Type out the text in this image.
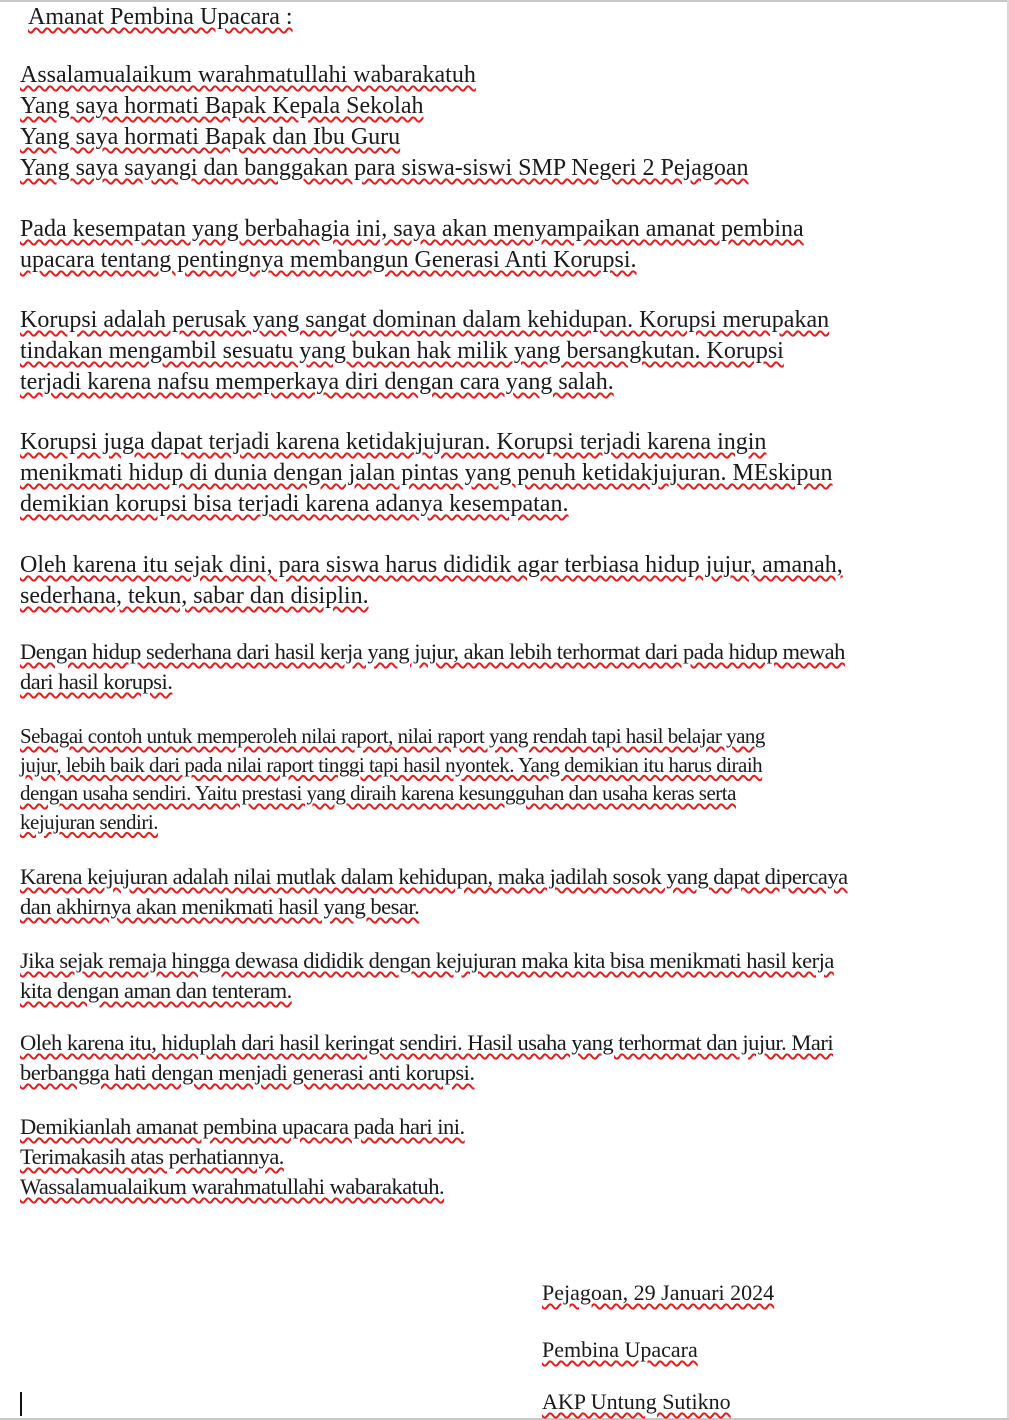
Amanat Pembina Upacara :
Assalamualaikum warahmatullahi wabarakatuh
Yang saya hormati Bapak Kepala Sekolah
Yang saya hormati Bapak dan Ibu Guru
Yang saya sayangi dan banggakan para siswa-siswi SMP Negeri 2 Pejagoan
Pada kesempatan yang berbahagia ini, saya akan menyampaikan amanat pembina
upacara tentang pentingnya membangun Generasi Anti Korupsi.
Korupsi adalah perusak yang sangat dominan dalam kehidupan. Korupsi merupakan
tindakan mengambil sesuatu yang bukan hak milik yang bersangkutan. Korupsi
terjadi karena nafsu memperkaya diri dengan cara yang salah.
Korupsi juga dapat terjadi karena ketidakjujuran. Korupsi terjadi karena ingin
menikmati hidup di dunia dengan jalan pintas yang penuh ketidakjujuran. MEskipun
demikian korupsi bisa terjadi karena adanya kesempatan.
Oleh karena itu sejak dini, para siswa harus dididik agar terbiasa hidup jujur, amanah,
sederhana, tekun, sabar dan disiplin.
Dengan hidup sederhana dari hasil kerja yang jujur, akan lebih terhormat dari pada hidup mewah
dari hasil korupsi.
Sebagai contoh untuk memperoleh nilai raport, nilai raport yang rendah tapi hasil belajar yang
jujur, lebih baik dari pada nilai raport tinggi tapi hasil nyontek. Yang demikian itu harus diraih
dengan usaha sendiri. Yaitu prestasi yang diraih karena kesungguhan dan usaha keras serta
kejujuran sendiri.
Karena kejujuran adalah nilai mutlak dalam kehidupan, maka jadilah sosok yang dapat dipercaya
dan akhirnya akan menikmati hasil yang besar.
Jika sejak remaja hingga dewasa dididik dengan kejujuran maka kita bisa menikmati hasil kerja
kita dengan aman dan tenteram.
Oleh karena itu, hiduplah dari hasil keringat sendiri. Hasil usaha yang terhormat dan jujur. Mari
berbangga hati dengan menjadi generasi anti korupsi.
Demikianlah amanat pembina upacara pada hari ini.
Terimakasih atas perhatiannya.
Wassalamualaikum warahmatullahi wabarakatuh.
Pejagoan, 29 Januari 2024
Pembina Upacara
AKP Untung Sutikno
